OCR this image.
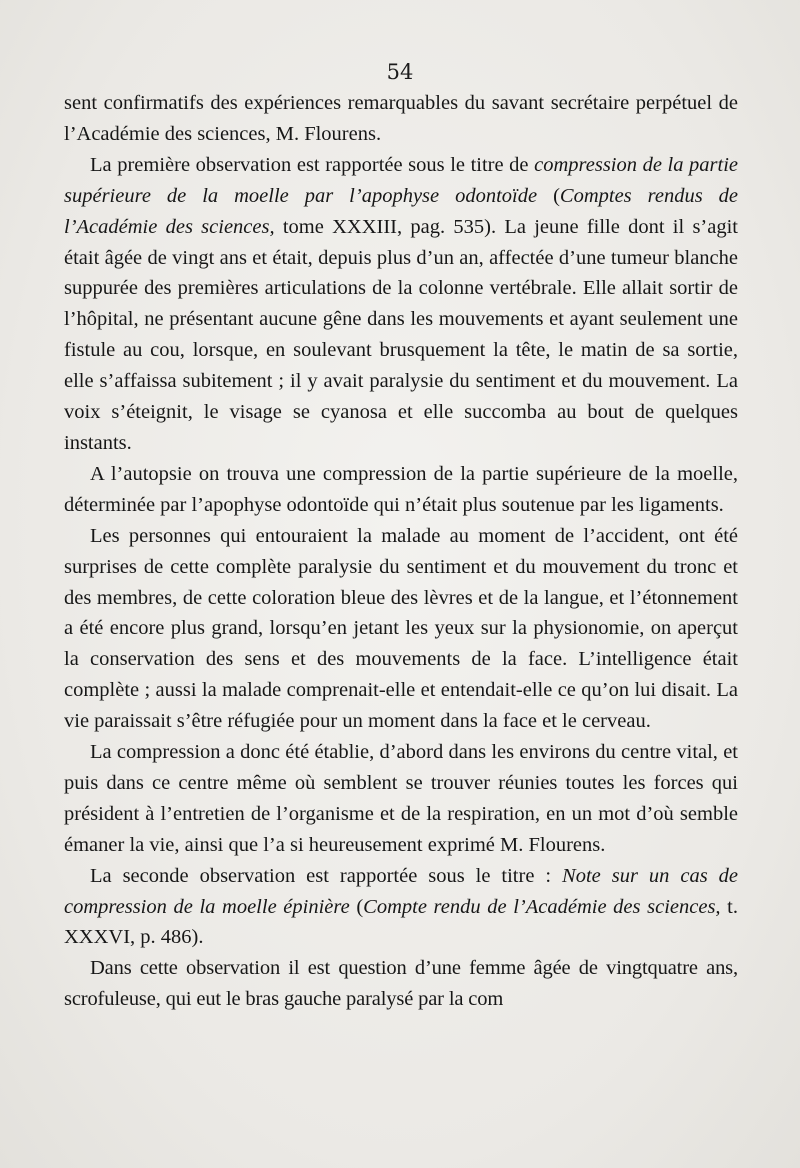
54

sent confirmatifs des expériences remarquables du savant secrétaire perpétuel de l’Académie des sciences, M. Flourens.

La première observation est rapportée sous le titre de compression de la partie supérieure de la moelle par l’apophyse odontoïde (Comptes rendus de l’Académie des sciences, tome XXXIII, pag. 535). La jeune fille dont il s’agit était âgée de vingt ans et était, depuis plus d’un an, affectée d’une tumeur blanche suppurée des premières articulations de la colonne vertébrale. Elle allait sortir de l’hôpital, ne présentant aucune gêne dans les mouvements et ayant seulement une fistule au cou, lorsque, en soulevant brusquement la tête, le matin de sa sortie, elle s’affaissa subitement ; il y avait paralysie du sentiment et du mouvement. La voix s’éteignit, le visage se cyanosa et elle succomba au bout de quelques instants.

A l’autopsie on trouva une compression de la partie supérieure de la moelle, déterminée par l’apophyse odontoïde qui n’était plus soutenue par les ligaments.

Les personnes qui entouraient la malade au moment de l’accident, ont été surprises de cette complète paralysie du sentiment et du mouvement du tronc et des membres, de cette coloration bleue des lèvres et de la langue, et l’étonnement a été encore plus grand, lorsqu’en jetant les yeux sur la physionomie, on aperçut la conservation des sens et des mouvements de la face. L’intelligence était complète ; aussi la malade comprenait-elle et entendait-elle ce qu’on lui disait. La vie paraissait s’être réfugiée pour un moment dans la face et le cerveau.

La compression a donc été établie, d’abord dans les environs du centre vital, et puis dans ce centre même où semblent se trouver réunies toutes les forces qui président à l’entretien de l’organisme et de la respiration, en un mot d’où semble émaner la vie, ainsi que l’a si heureusement exprimé M. Flourens.

La seconde observation est rapportée sous le titre : Note sur un cas de compression de la moelle épinière (Compte rendu de l’Académie des sciences, t. XXXVI, p. 486).

Dans cette observation il est question d’une femme âgée de vingtquatre ans, scrofuleuse, qui eut le bras gauche paralysé par la com
